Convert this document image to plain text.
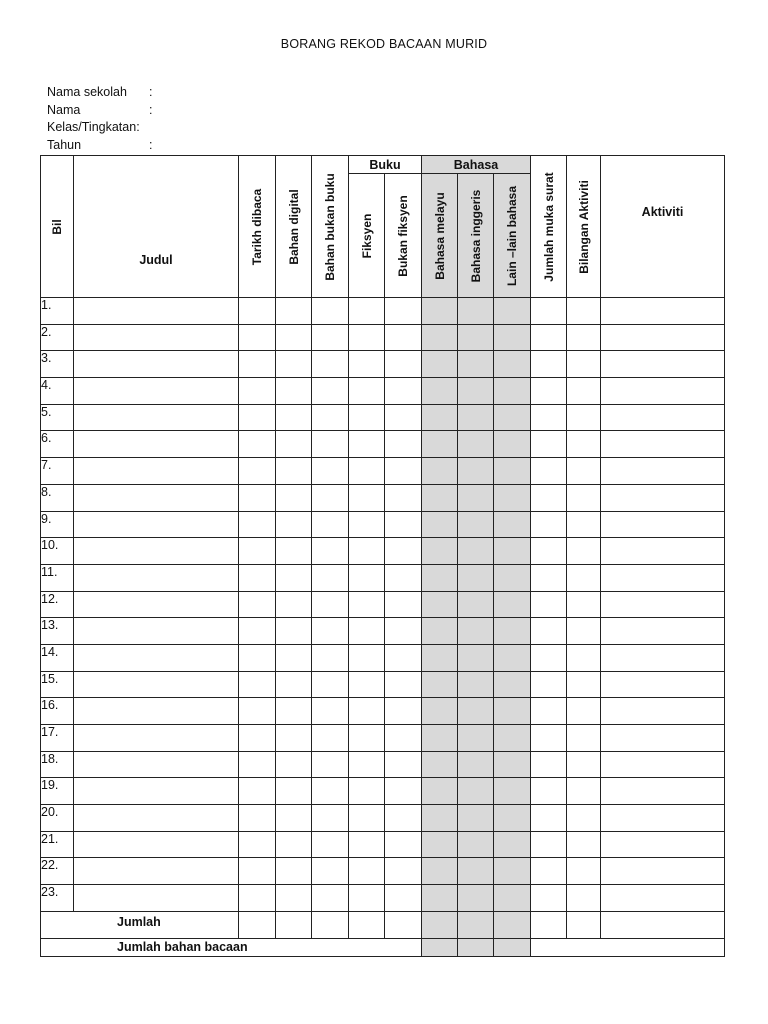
BORANG REKOD BACAAN MURID
Nama sekolah :
Nama	:
Kelas/Tingkatan:
Tahun	:
Bil	Judul	Tarikh dibaca	Bahan digital	Bahan bukan buku	Buku		Bahasa			Jumlah muka surat	Bilangan Aktiviti	Aktiviti

					Fiksyen	Bukan fiksyen	Bahasa melayu	Bahasa inggeris	Lain –lain bahasa			

1.												
2.												
3.												
4.												
5.												
6.												
7.												
8.												
9.												
10.												
11.												
12.												
13.												
14.												
15.												
16.												
17.												
18.												
19.												
20.												
21.												
22.												
23.												
Jumlah												
Jumlah bahan bacaan												
